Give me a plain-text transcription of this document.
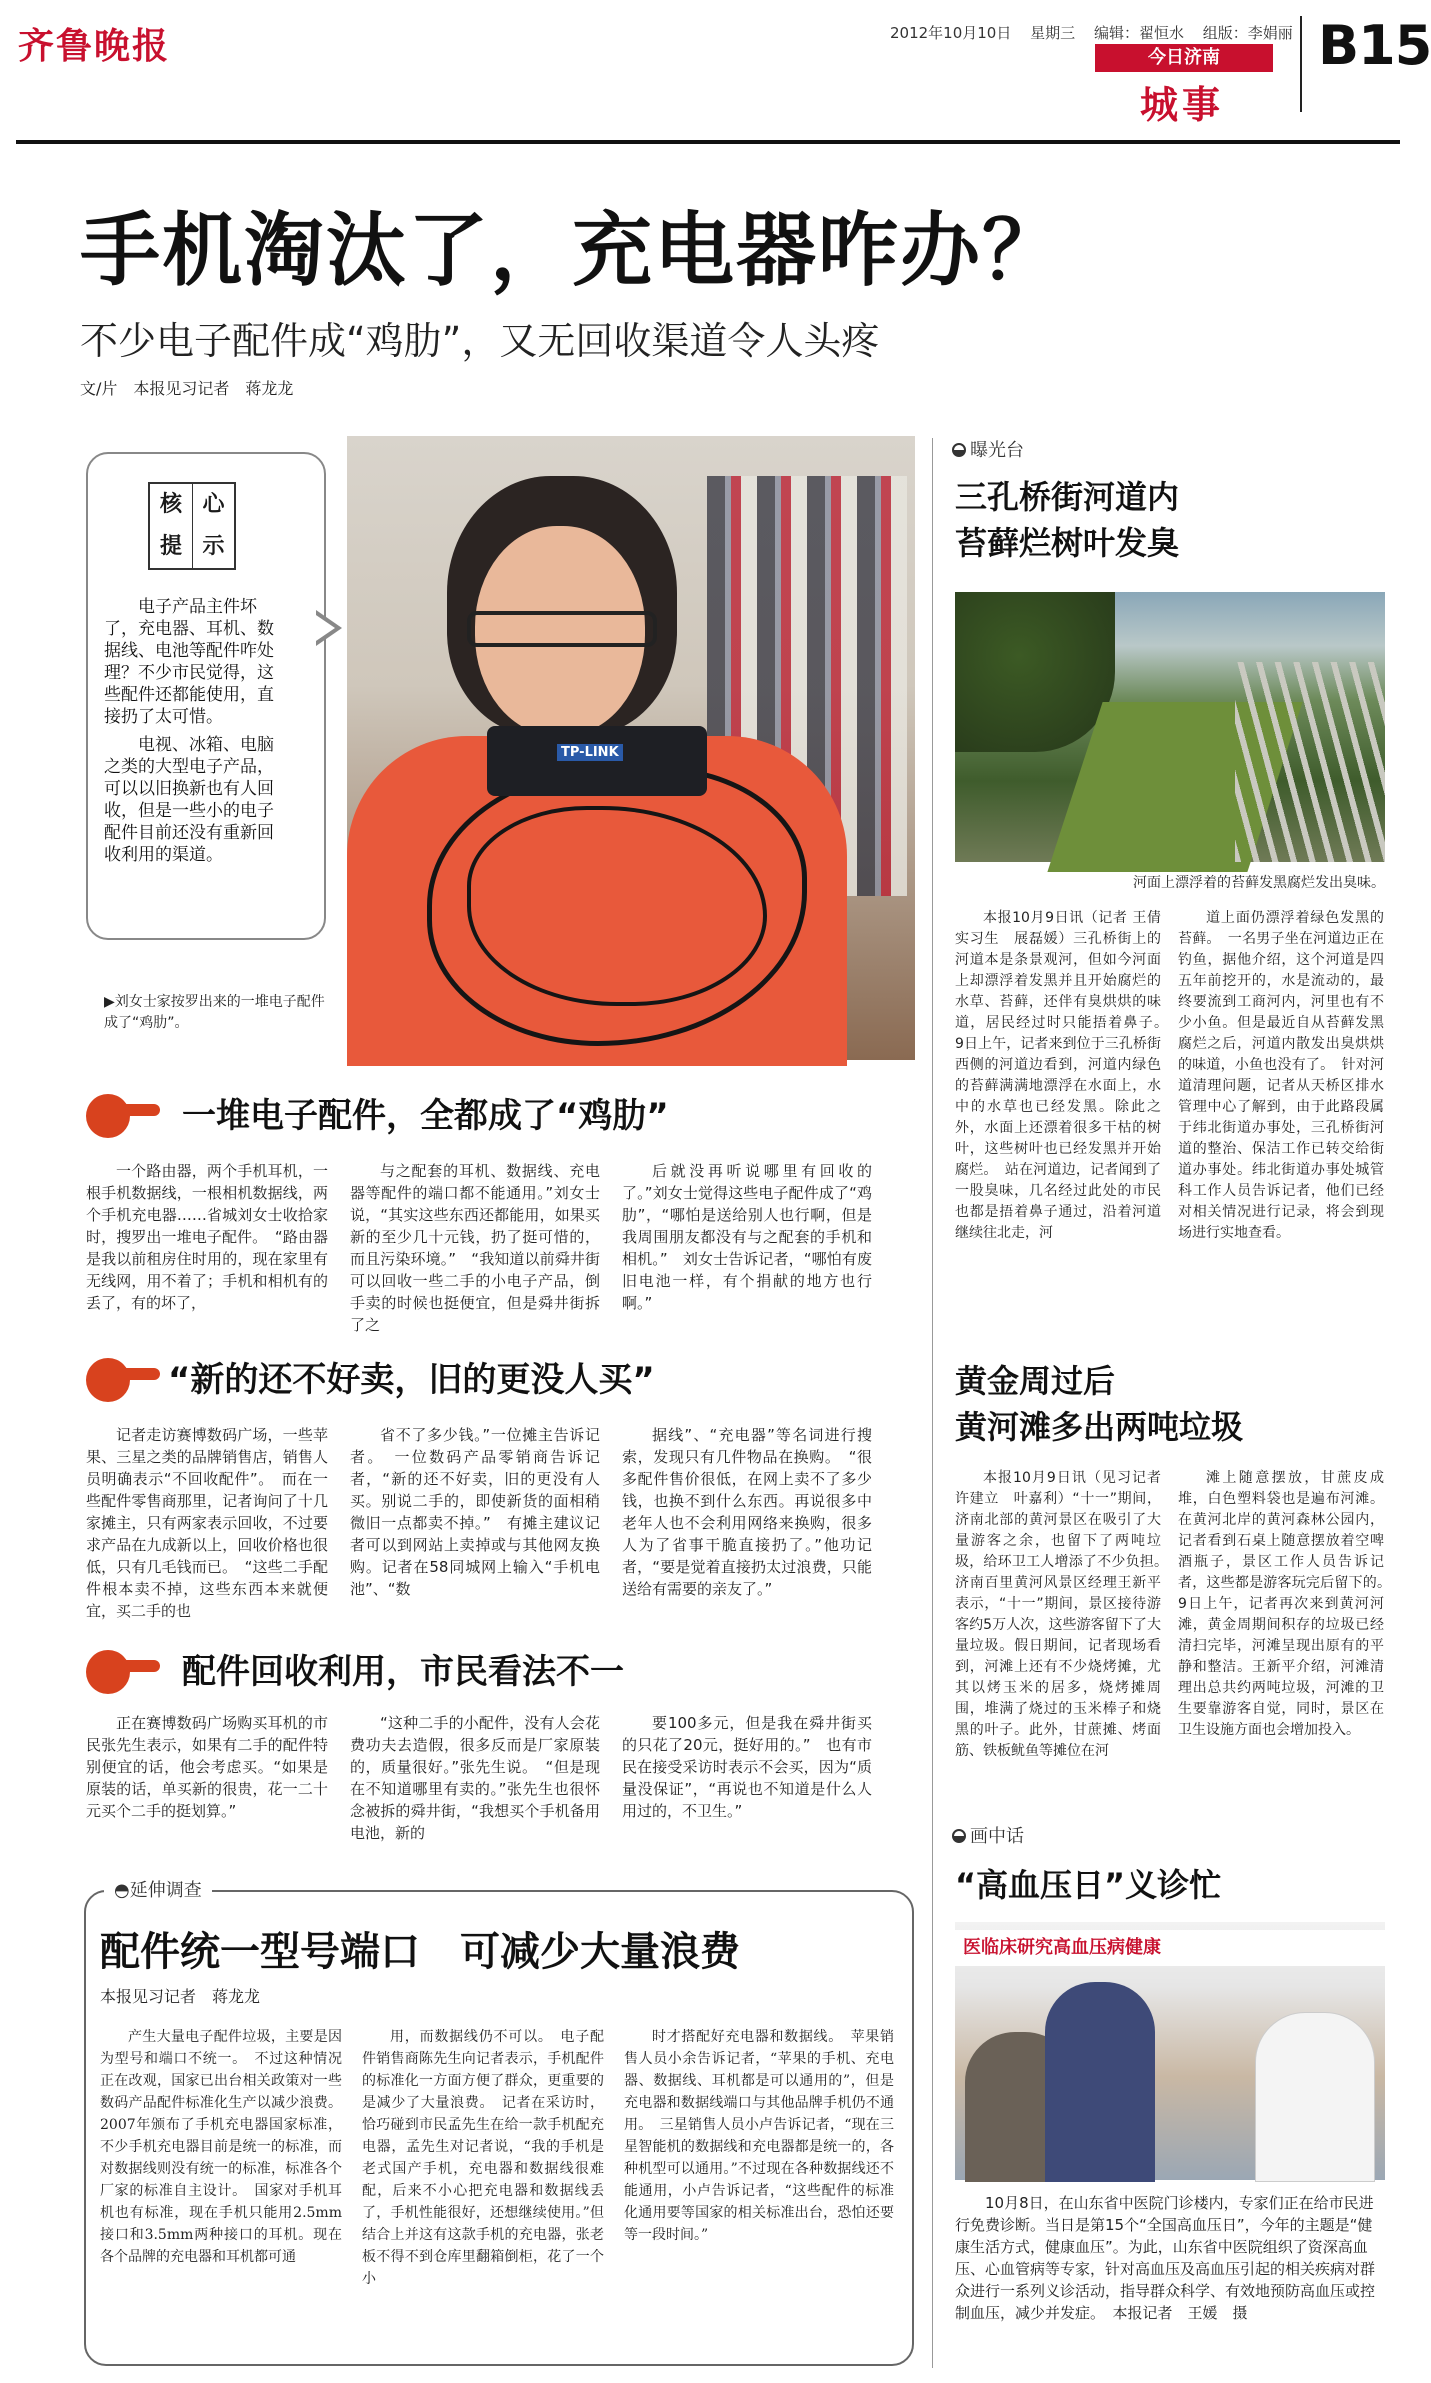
齐鲁晚报	2012年10月10日 星期三 编辑：翟恒水 组版：李娟丽
今日济南
城事
B15
手机淘汰了，充电器咋办？
不少电子配件成“鸡肋”，又无回收渠道令人头疼
文/片　本报见习记者　蒋龙龙
核 心
提 示

电子产品主件坏了，充电器、耳机、数据线、电池等配件咋处理？不少市民觉得，这些配件还都能使用，直接扔了太可惜。

电视、冰箱、电脑之类的大型电子产品，可以以旧换新也有人回收，但是一些小的电子配件目前还没有重新回收利用的渠道。

▶刘女士家按罗出来的一堆电子配件成了“鸡肋”。
TP-LINK
一堆电子配件，全都成了“鸡肋”

一个路由器，两个手机耳机，一根手机数据线，一根相机数据线，两个手机充电器……省城刘女士收拾家时，搜罗出一堆电子配件。　“路由器是我以前租房住时用的，现在家里有无线网，用不着了；手机和相机有的丢了，有的坏了，

与之配套的耳机、数据线、充电器等配件的端口都不能通用。”刘女士说，“其实这些东西还都能用，如果买新的至少几十元钱，扔了挺可惜的，而且污染环境。”　“我知道以前舜井街可以回收一些二手的小电子产品，倒手卖的时候也挺便宜，但是舜井街拆了之

后就没再听说哪里有回收的了。”刘女士觉得这些电子配件成了“鸡肋”，“哪怕是送给别人也行啊，但是我周围朋友都没有与之配套的手机和相机。”　刘女士告诉记者，“哪怕有废旧电池一样，有个捐献的地方也行啊。”

“新的还不好卖，旧的更没人买”

记者走访赛博数码广场，一些苹果、三星之类的品牌销售店，销售人员明确表示“不回收配件”。　而在一些配件零售商那里，记者询问了十几家摊主，只有两家表示回收，不过要求产品在九成新以上，回收价格也很低，只有几毛钱而已。　“这些二手配件根本卖不掉，这些东西本来就便宜，买二手的也

省不了多少钱。”一位摊主告诉记者。　一位数码产品零销商告诉记者，“新的还不好卖，旧的更没有人买。别说二手的，即使新货的面相稍微旧一点都卖不掉。”　有摊主建议记者可以到网站上卖掉或与其他网友换购。记者在58同城网上输入“手机电池”、“数

据线”、“充电器”等名词进行搜索，发现只有几件物品在换购。　“很多配件售价很低，在网上卖不了多少钱，也换不到什么东西。再说很多中老年人也不会利用网络来换购，很多人为了省事干脆直接扔了。”他功记者，“要是觉着直接扔太过浪费，只能送给有需要的亲友了。”

配件回收利用，市民看法不一

正在赛博数码广场购买耳机的市民张先生表示，如果有二手的配件特别便宜的话，他会考虑买。“如果是原装的话，单买新的很贵，花一二十元买个二手的挺划算。”

“这种二手的小配件，没有人会花费功夫去造假，很多反而是厂家原装的，质量很好。”张先生说。　“但是现在不知道哪里有卖的。”张先生也很怀念被拆的舜井街，“我想买个手机备用电池，新的

要100多元，但是我在舜井街买的只花了20元，挺好用的。”　也有市民在接受采访时表示不会买，因为“质量没保证”，“再说也不知道是什么人用过的，不卫生。”

◓延伸调查
配件统一型号端口　可减少大量浪费
本报见习记者　蒋龙龙

产生大量电子配件垃圾，主要是因为型号和端口不统一。　不过这种情况正在改观，国家已出台相关政策对一些数码产品配件标准化生产以减少浪费。2007年颁布了手机充电器国家标准，不少手机充电器目前是统一的标准，而对数据线则没有统一的标准，标准各个厂家的标准自主设计。　国家对手机耳机也有标准，现在手机只能用2.5mm接口和3.5mm两种接口的耳机。现在各个品牌的充电器和耳机都可通

用，而数据线仍不可以。　电子配件销售商陈先生向记者表示，手机配件的标准化一方面方便了群众，更重要的是减少了大量浪费。　记者在采访时，恰巧碰到市民孟先生在给一款手机配充电器，孟先生对记者说，“我的手机是老式国产手机，充电器和数据线很难配，后来不小心把充电器和数据线丢了，手机性能很好，还想继续使用。”但结合上并这有这款手机的充电器，张老板不得不到仓库里翻箱倒柜，花了一个小

时才搭配好充电器和数据线。　苹果销售人员小余告诉记者，“苹果的手机、充电器、数据线、耳机都是可以通用的”，但是充电器和数据线端口与其他品牌手机仍不通用。　三星销售人员小卢告诉记者，“现在三星智能机的数据线和充电器都是统一的，各种机型可以通用。”不过现在各种数据线还不能通用，小卢告诉记者，“这些配件的标准化通用要等国家的相关标准出台，恐怕还要等一段时间。”

曝光台
三孔桥街河道内
苔藓烂树叶发臭
河面上漂浮着的苔藓发黑腐烂发出臭味。

本报10月9日讯（记者 王倩　实习生　展磊媛）三孔桥街上的河道本是条景观河，但如今河面上却漂浮着发黑并且开始腐烂的水草、苔藓，还伴有臭烘烘的味道，居民经过时只能捂着鼻子。　9日上午，记者来到位于三孔桥街西侧的河道边看到，河道内绿色的苔藓满满地漂浮在水面上，水中的水草也已经发黑。除此之外，水面上还漂着很多干枯的树叶，这些树叶也已经发黑并开始腐烂。　站在河道边，记者闻到了一股臭味，几名经过此处的市民也都是捂着鼻子通过，沿着河道继续往北走，河

道上面仍漂浮着绿色发黑的苔藓。　一名男子坐在河道边正在钓鱼，据他介绍，这个河道是四五年前挖开的，水是流动的，最终要流到工商河内，河里也有不少小鱼。但是最近自从苔藓发黑腐烂之后，河道内散发出臭烘烘的味道，小鱼也没有了。　针对河道清理问题，记者从天桥区排水管理中心了解到，由于此路段属于纬北街道办事处，三孔桥街河道的整治、保洁工作已转交给街道办事处。纬北街道办事处城管科工作人员告诉记者，他们已经对相关情况进行记录，将会到现场进行实地查看。

黄金周过后
黄河滩多出两吨垃圾

本报10月9日讯（见习记者 许建立　叶嘉利）“十一”期间，济南北部的黄河景区在吸引了大量游客之余，也留下了两吨垃圾，给环卫工人增添了不少负担。　济南百里黄河风景区经理王新平表示，“十一”期间，景区接待游客约5万人次，这些游客留下了大量垃圾。假日期间，记者现场看到，河滩上还有不少烧烤摊，尤其以烤玉米的居多，烧烤摊周围，堆满了烧过的玉米棒子和烧黑的叶子。此外，甘蔗摊、烤面筋、铁板鱿鱼等摊位在河

滩上随意摆放，甘蔗皮成堆，白色塑料袋也是遍布河滩。在黄河北岸的黄河森林公园内，记者看到石桌上随意摆放着空啤酒瓶子，景区工作人员告诉记者，这些都是游客玩完后留下的。　9日上午，记者再次来到黄河河滩，黄金周期间积存的垃圾已经清扫完毕，河滩呈现出原有的平静和整洁。王新平介绍，河滩清理出总共约两吨垃圾，河滩的卫生要靠游客自觉，同时，景区在卫生设施方面也会增加投入。

画中话
“高血压日”义诊忙
医临床研究高血压病健康
10月8日，在山东省中医院门诊楼内，专家们正在给市民进行免费诊断。当日是第15个“全国高血压日”，今年的主题是“健康生活方式，健康血压”。为此，山东省中医院组织了资深高血压、心血管病等专家，针对高血压及高血压引起的相关疾病对群众进行一系列义诊活动，指导群众科学、有效地预防高血压或控制血压，减少并发症。　本报记者　王媛　摄
